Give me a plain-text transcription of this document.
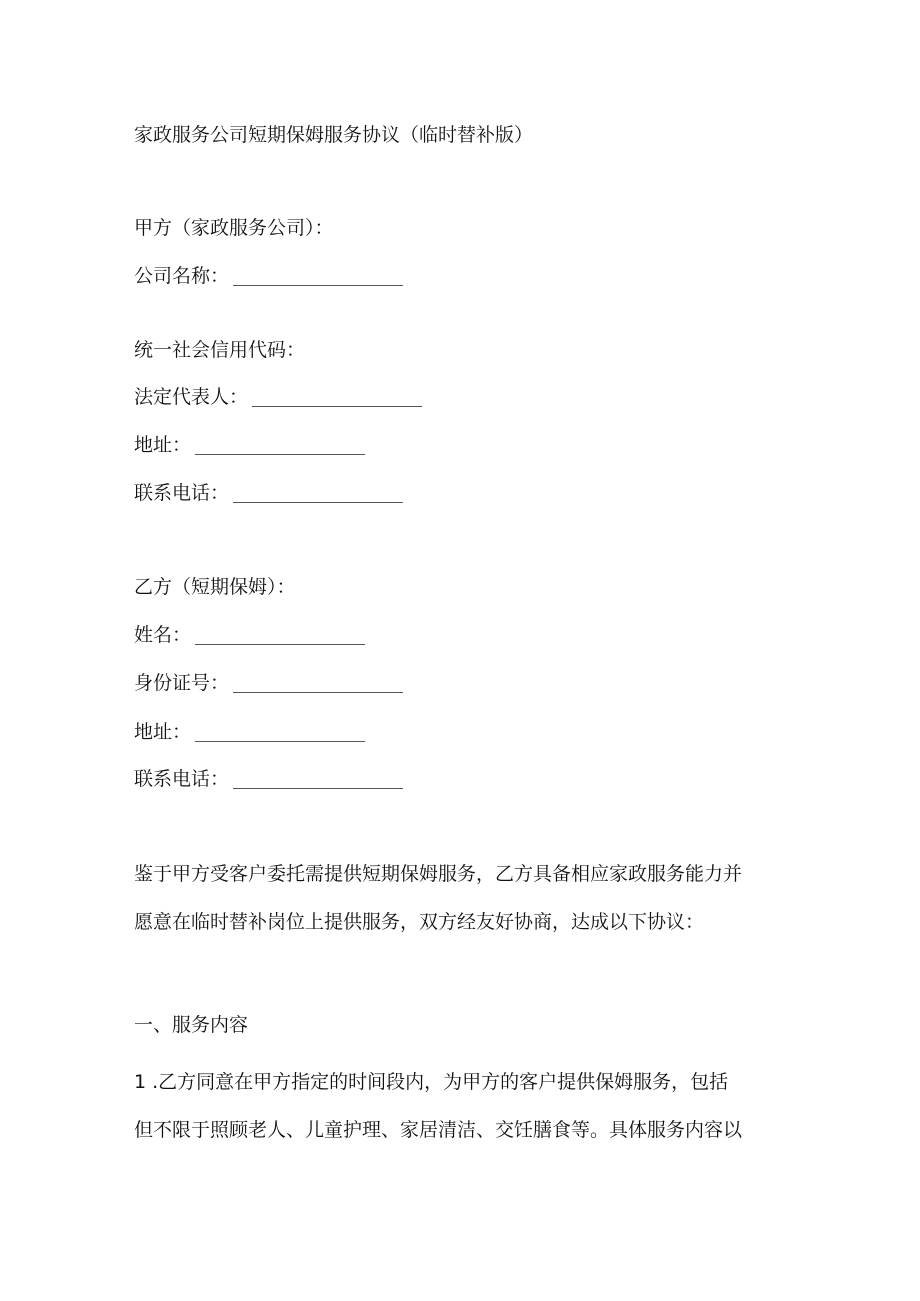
家政服务公司短期保姆服务协议（临时替补版）
甲方（家政服务公司）：
公司名称：
统一社会信用代码：
法定代表人：
地址：
联系电话：
乙方（短期保姆）：
姓名：
身份证号：
地址：
联系电话：
鉴于甲方受客户委托需提供短期保姆服务，乙方具备相应家政服务能力并
愿意在临时替补岗位上提供服务，双方经友好协商，达成以下协议：
一、服务内容
1 .乙方同意在甲方指定的时间段内，为甲方的客户提供保姆服务，包括
但不限于照顾老人、儿童护理、家居清洁、交饪膳食等。具体服务内容以
